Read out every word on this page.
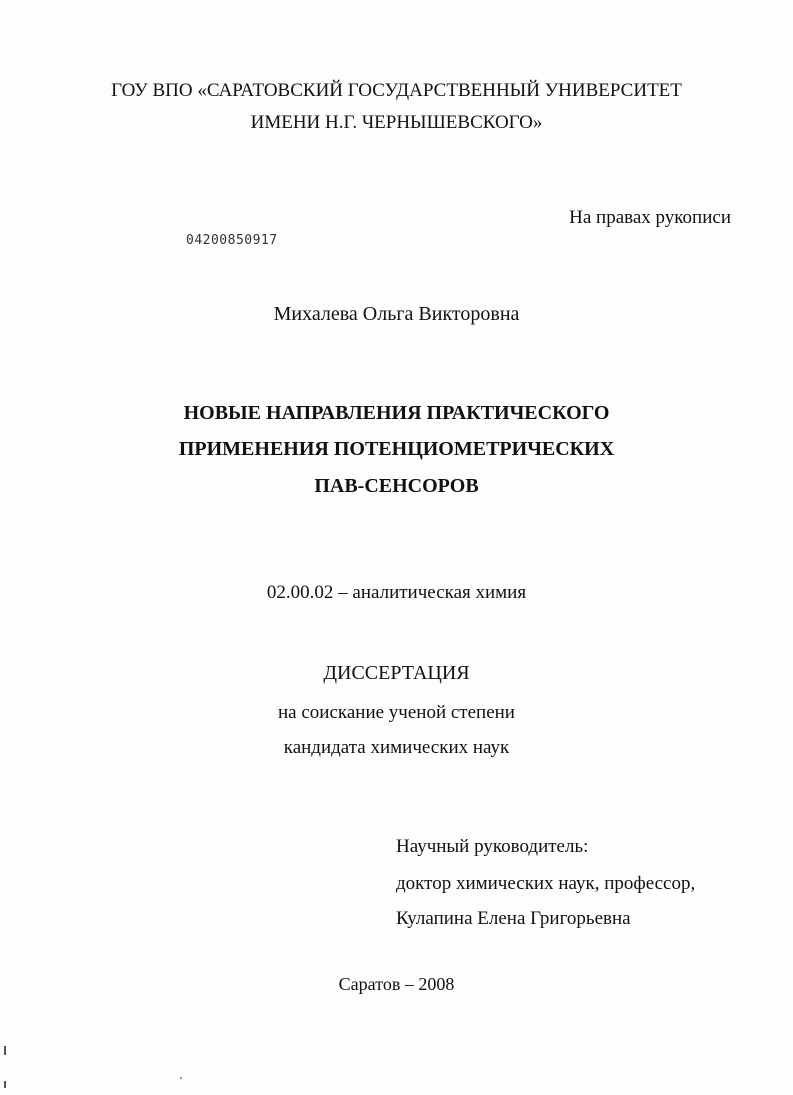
ГОУ ВПО «САРАТОВСКИЙ ГОСУДАРСТВЕННЫЙ УНИВЕРСИТЕТ
ИМЕНИ Н.Г. ЧЕРНЫШЕВСКОГО»
На правах рукописи
04200850917
Михалева Ольга Викторовна
НОВЫЕ НАПРАВЛЕНИЯ ПРАКТИЧЕСКОГО
ПРИМЕНЕНИЯ ПОТЕНЦИОМЕТРИЧЕСКИХ
ПАВ-СЕНСОРОВ
02.00.02 – аналитическая химия
ДИССЕРТАЦИЯ
на соискание ученой степени
кандидата химических наук
Научный руководитель:
доктор химических наук, профессор,
Кулапина Елена Григорьевна
Саратов – 2008
